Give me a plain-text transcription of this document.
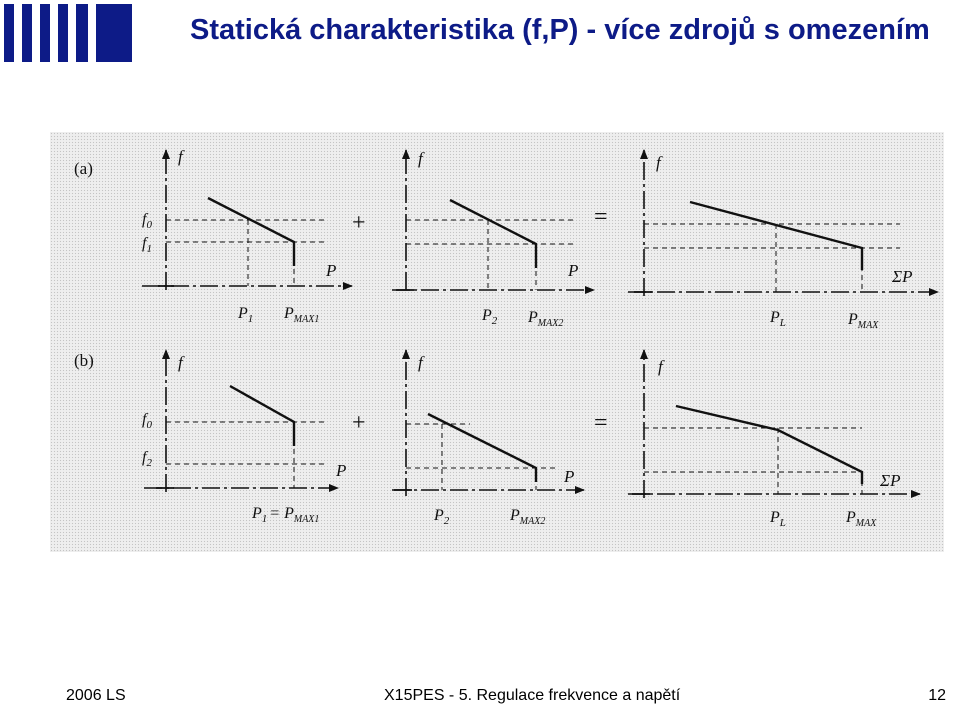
Statická charakteristika (f,P) - více zdrojů s omezením
(a)
(b)
f
P
$f_0$
$f_1$
$P_1$ $P_{MAX1}$
+
f
P
$P_2$ $P_{MAX2}$
=
f
ΣP
$P_L$	$P_{MAX}$
f
P
$f_0$
$f_2$
$P_1 = P_{MAX1}$
+
f
P
$P_2$	$P_{MAX2}$
=
f
ΣP
$P_L$	$P_{MAX}$
2006 LS	X15PES - 5. Regulace frekvence a napětí	12
